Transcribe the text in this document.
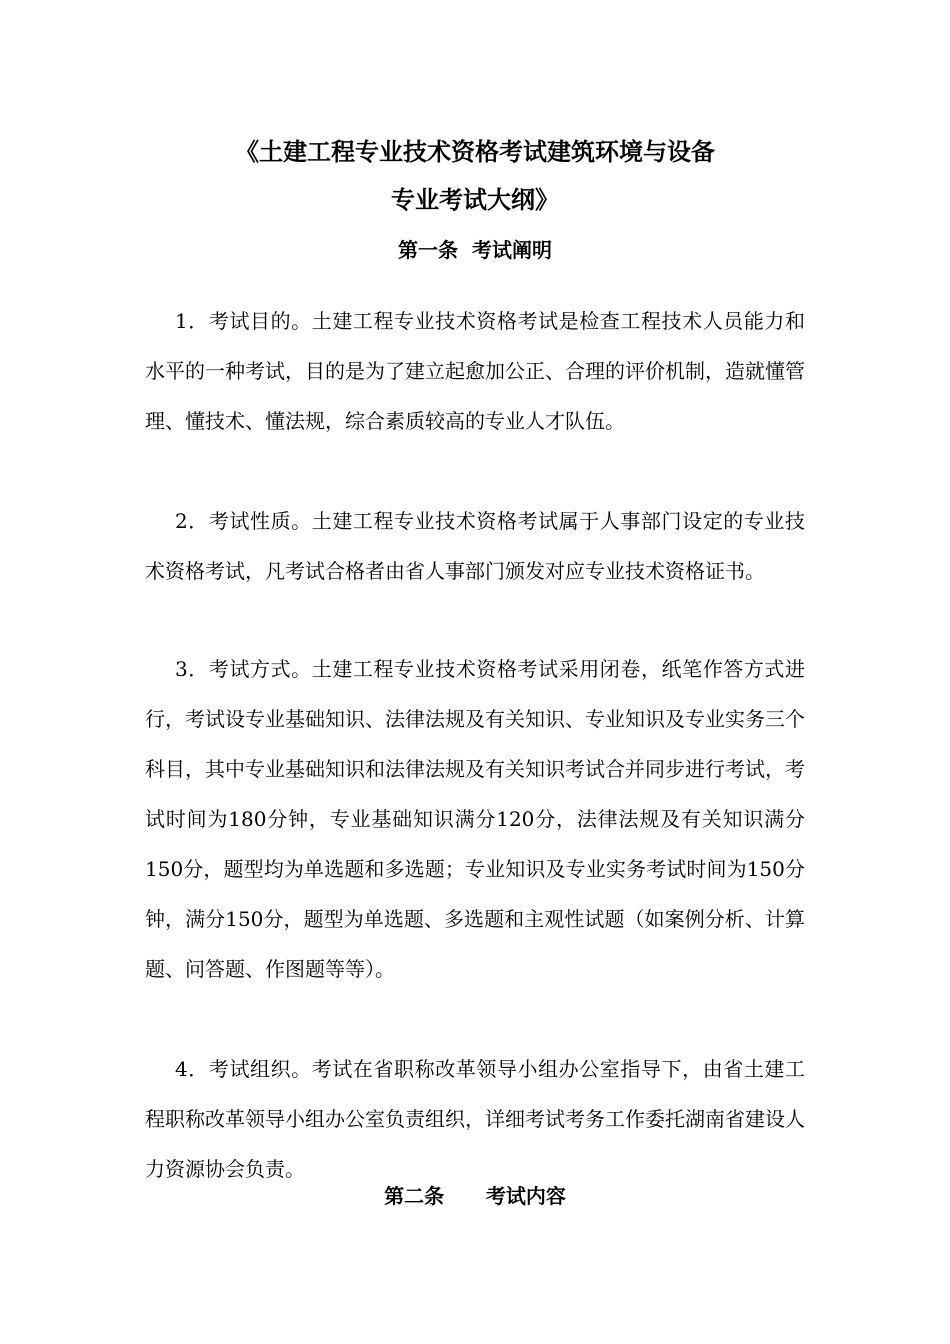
《土建工程专业技术资格考试建筑环境与设备
专业考试大纲》
第一条  考试阐明

1．考试目的。土建工程专业技术资格考试是检查工程技术人员能力和水平的一种考试，目的是为了建立起愈加公正、合理的评价机制，造就懂管理、懂技术、懂法规，综合素质较高的专业人才队伍。

2．考试性质。土建工程专业技术资格考试属于人事部门设定的专业技术资格考试，凡考试合格者由省人事部门颁发对应专业技术资格证书。

3．考试方式。土建工程专业技术资格考试采用闭卷，纸笔作答方式进行，考试设专业基础知识、法律法规及有关知识、专业知识及专业实务三个科目，其中专业基础知识和法律法规及有关知识考试合并同步进行考试，考试时间为180分钟，专业基础知识满分120分，法律法规及有关知识满分150分，题型均为单选题和多选题；专业知识及专业实务考试时间为150分钟，满分150分，题型为单选题、多选题和主观性试题（如案例分析、计算题、问答题、作图题等等）。

4．考试组织。考试在省职称改革领导小组办公室指导下，由省土建工程职称改革领导小组办公室负责组织，详细考试考务工作委托湖南省建设人力资源协会负责。

第二条      考试内容
